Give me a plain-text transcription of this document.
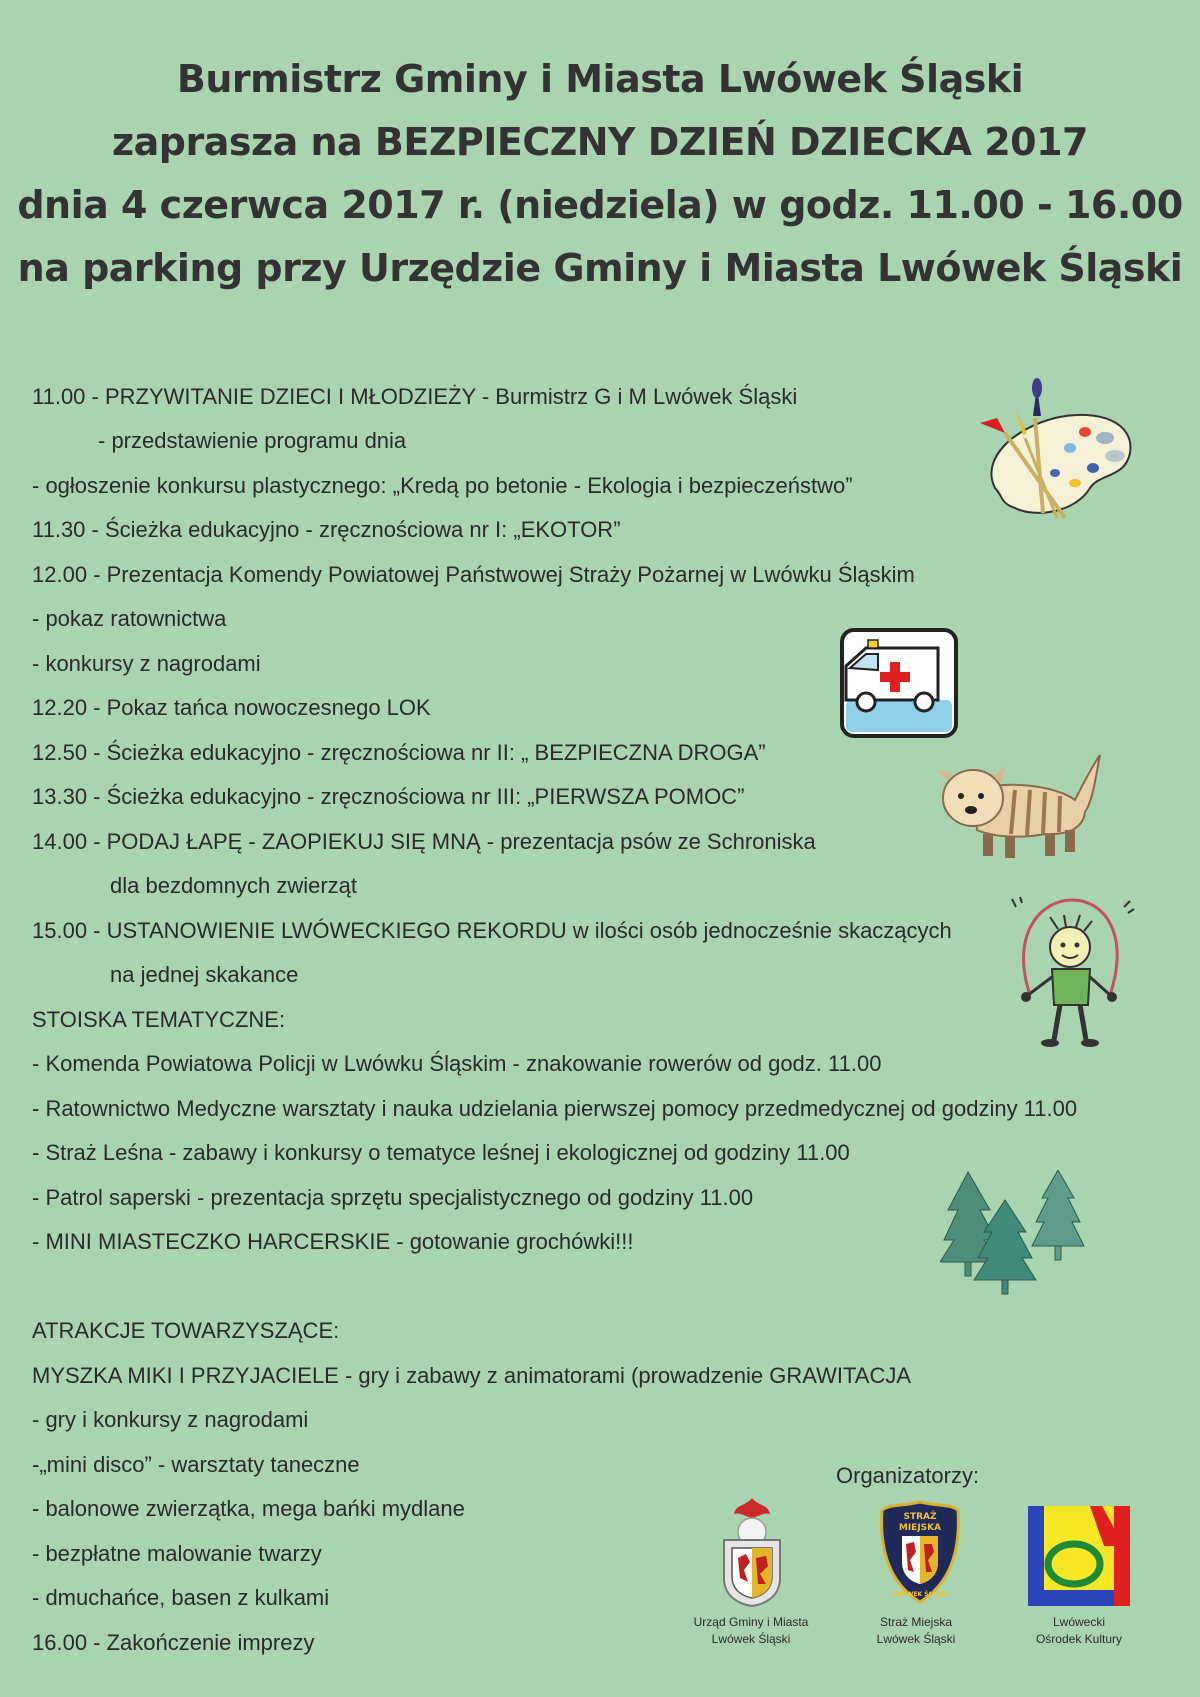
Burmistrz Gminy i Miasta Lwówek Śląski
zaprasza na BEZPIECZNY DZIEŃ DZIECKA 2017
dnia 4 czerwca 2017 r. (niedziela) w godz. 11.00 - 16.00
na parking przy Urzędzie Gminy i Miasta Lwówek Śląski
11.00 - PRZYWITANIE DZIECI I MŁODZIEŻY - Burmistrz G i M Lwówek Śląski
- przedstawienie programu dnia
- ogłoszenie konkursu plastycznego: „Kredą po betonie - Ekologia i bezpieczeństwo”
11.30 - Ścieżka edukacyjno - zręcznościowa nr I: „EKOTOR”
12.00 - Prezentacja Komendy Powiatowej Państwowej Straży Pożarnej w Lwówku Śląskim
- pokaz ratownictwa
- konkursy z nagrodami
12.20 - Pokaz tańca nowoczesnego LOK
12.50 - Ścieżka edukacyjno - zręcznościowa nr II: „ BEZPIECZNA DROGA”
13.30 - Ścieżka edukacyjno - zręcznościowa nr III: „PIERWSZA POMOC”
14.00 - PODAJ ŁAPĘ - ZAOPIEKUJ SIĘ MNĄ - prezentacja psów ze Schroniska
dla bezdomnych zwierząt
15.00 - USTANOWIENIE LWÓWECKIEGO REKORDU w ilości osób jednocześnie skaczących
na jednej skakance
STOISKA TEMATYCZNE:
- Komenda Powiatowa Policji w Lwówku Śląskim - znakowanie rowerów od godz. 11.00
- Ratownictwo Medyczne warsztaty i nauka udzielania pierwszej pomocy przedmedycznej od godziny 11.00
- Straż Leśna - zabawy i konkursy o tematyce leśnej i ekologicznej od godziny 11.00
- Patrol saperski - prezentacja sprzętu specjalistycznego od godziny 11.00
- MINI MIASTECZKO HARCERSKIE - gotowanie grochówki!!!
ATRAKCJE TOWARZYSZĄCE:
MYSZKA MIKI I PRZYJACIELE - gry i zabawy z animatorami (prowadzenie GRAWITACJA
- gry i konkursy z nagrodami
-„mini disco” - warsztaty taneczne
- balonowe zwierzątka, mega bańki mydlane
- bezpłatne malowanie twarzy
- dmuchańce, basen z kulkami
16.00 - Zakończenie imprezy
Organizatorzy:
Urząd Gminy i Miasta
Lwówek Śląski
STRAŻ
MIEJSKA
LWÓWEK ŚLĄSKI
Straż Miejska
Lwówek Śląski
LOK
Lwówecki
Ośrodek Kultury
